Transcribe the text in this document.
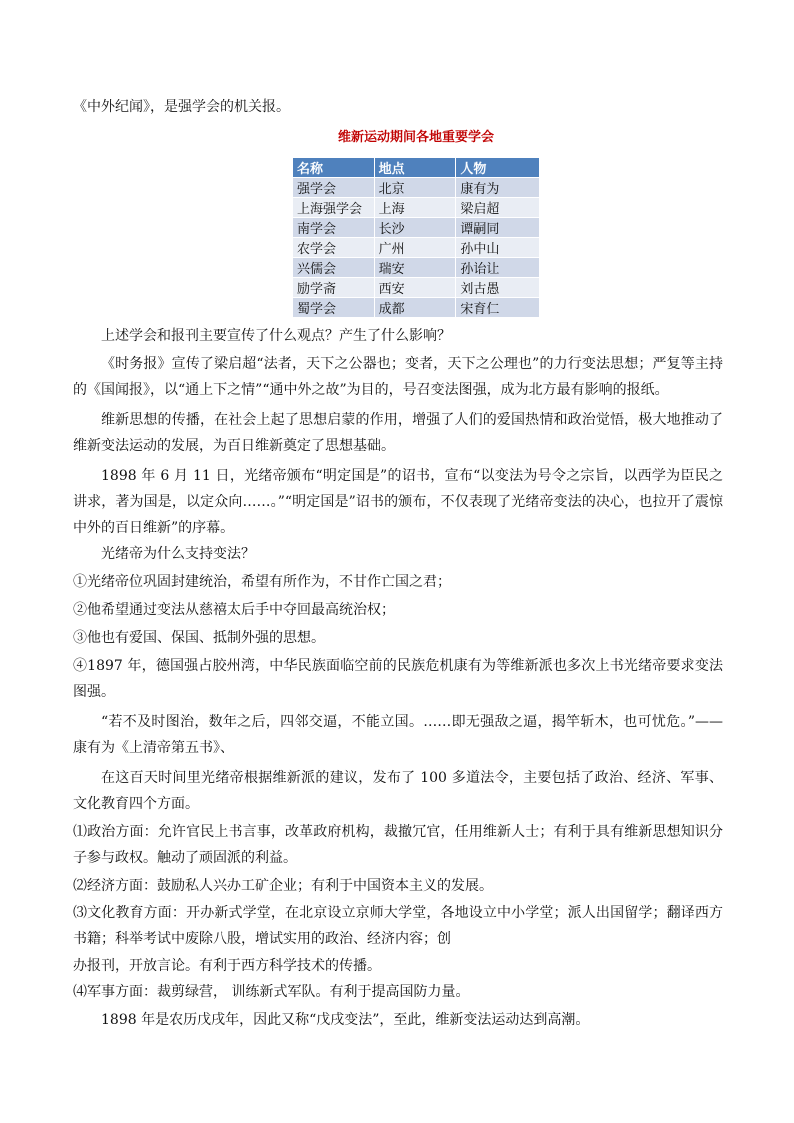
《中外纪闻》，是强学会的机关报。

维新运动期间各地重要学会
名称	地点	人物
强学会	北京	康有为
上海强学会	上海	梁启超
南学会	长沙	谭嗣同
农学会	广州	孙中山
兴儒会	瑞安	孙诒让
励学斋	西安	刘古愚
蜀学会	成都	宋育仁

上述学会和报刊主要宣传了什么观点？产生了什么影响？

《时务报》宣传了梁启超“法者，天下之公器也；变者，天下之公理也”的力行变法思想；严复等主持的《国闻报》，以“通上下之情”“通中外之故”为目的，号召变法图强，成为北方最有影响的报纸。

维新思想的传播，在社会上起了思想启蒙的作用，增强了人们的爱国热情和政治觉悟，极大地推动了维新变法运动的发展，为百日维新奠定了思想基础。

1898 年 6 月 11 日，光绪帝颁布“明定国是”的诏书，宣布“以变法为号令之宗旨，以西学为臣民之讲求，著为国是，以定众向……。”“明定国是”诏书的颁布，不仅表现了光绪帝变法的决心，也拉开了震惊中外的百日维新”的序幕。

光绪帝为什么支持变法？

①光绪帝位巩固封建统治，希望有所作为，不甘作亡国之君；

②他希望通过变法从慈禧太后手中夺回最高统治权；

③他也有爱国、保国、抵制外强的思想。

④1897 年，德国强占胶州湾，中华民族面临空前的民族危机康有为等维新派也多次上书光绪帝要求变法图强。

“若不及时图治，数年之后，四邻交逼，不能立国。……即无强敌之逼，揭竿斩木，也可忧危。”——康有为《上清帝第五书》、

在这百天时间里光绪帝根据维新派的建议，发布了 100 多道法令，主要包括了政治、经济、军事、文化教育四个方面。

⑴政治方面：允许官民上书言事，改革政府机构，裁撤冗官，任用维新人士；有利于具有维新思想知识分子参与政权。触动了顽固派的利益。

⑵经济方面：鼓励私人兴办工矿企业；有利于中国资本主义的发展。

⑶文化教育方面：开办新式学堂，在北京设立京师大学堂，各地设立中小学堂；派人出国留学；翻译西方书籍；科举考试中废除八股，增试实用的政治、经济内容；创

办报刊，开放言论。有利于西方科学技术的传播。

⑷军事方面：裁剪绿营， 训练新式军队。有利于提高国防力量。

1898 年是农历戊戌年，因此又称“戊戌变法”，至此，维新变法运动达到高潮。
